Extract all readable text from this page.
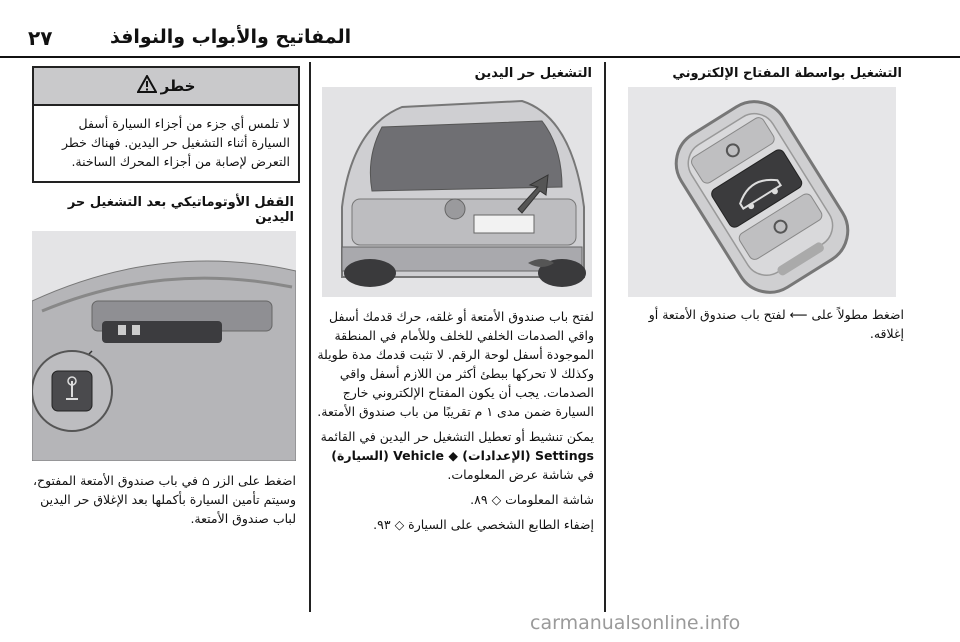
٢٧	المفاتيح والأبواب والنوافذ
التشغيل بواسطة المفتاح الإلكتروني

اضغط مطولاً على ⟵ لفتح باب صندوق الأمتعة أو إغلاقه.

التشغيل حر اليدين

لفتح باب صندوق الأمتعة أو غلقه، حرك قدمك أسفل واقي الصدمات الخلفي للخلف وللأمام في المنطقة الموجودة أسفل لوحة الرقم. لا تثبت قدمك مدة طويلة وكذلك لا تحركها ببطئ أكثر من اللازم أسفل واقي الصدمات. يجب أن يكون المفتاح الإلكتروني خارج السيارة ضمن مدى ١ م تقريبًا من باب صندوق الأمتعة.

يمكن تنشيط أو تعطيل التشغيل حر اليدين في القائمة Settings (الإعدادات) ◆ Vehicle (السيارة) في شاشة عرض المعلومات.

شاشة المعلومات ◇ ٨٩.

إضفاء الطابع الشخصي على السيارة ◇ ٩٣.

خطر
لا تلمس أي جزء من أجزاء السيارة أسفل السيارة أثناء التشغيل حر اليدين. فهناك خطر التعرض لإصابة من أجزاء المحرك الساخنة.
القفل الأوتوماتيكي بعد التشغيل حر اليدين

اضغط على الزر ⌂ في باب صندوق الأمتعة المفتوح، وسيتم تأمين السيارة بأكملها بعد الإغلاق حر اليدين لباب صندوق الأمتعة.

carmanualsonline.info
